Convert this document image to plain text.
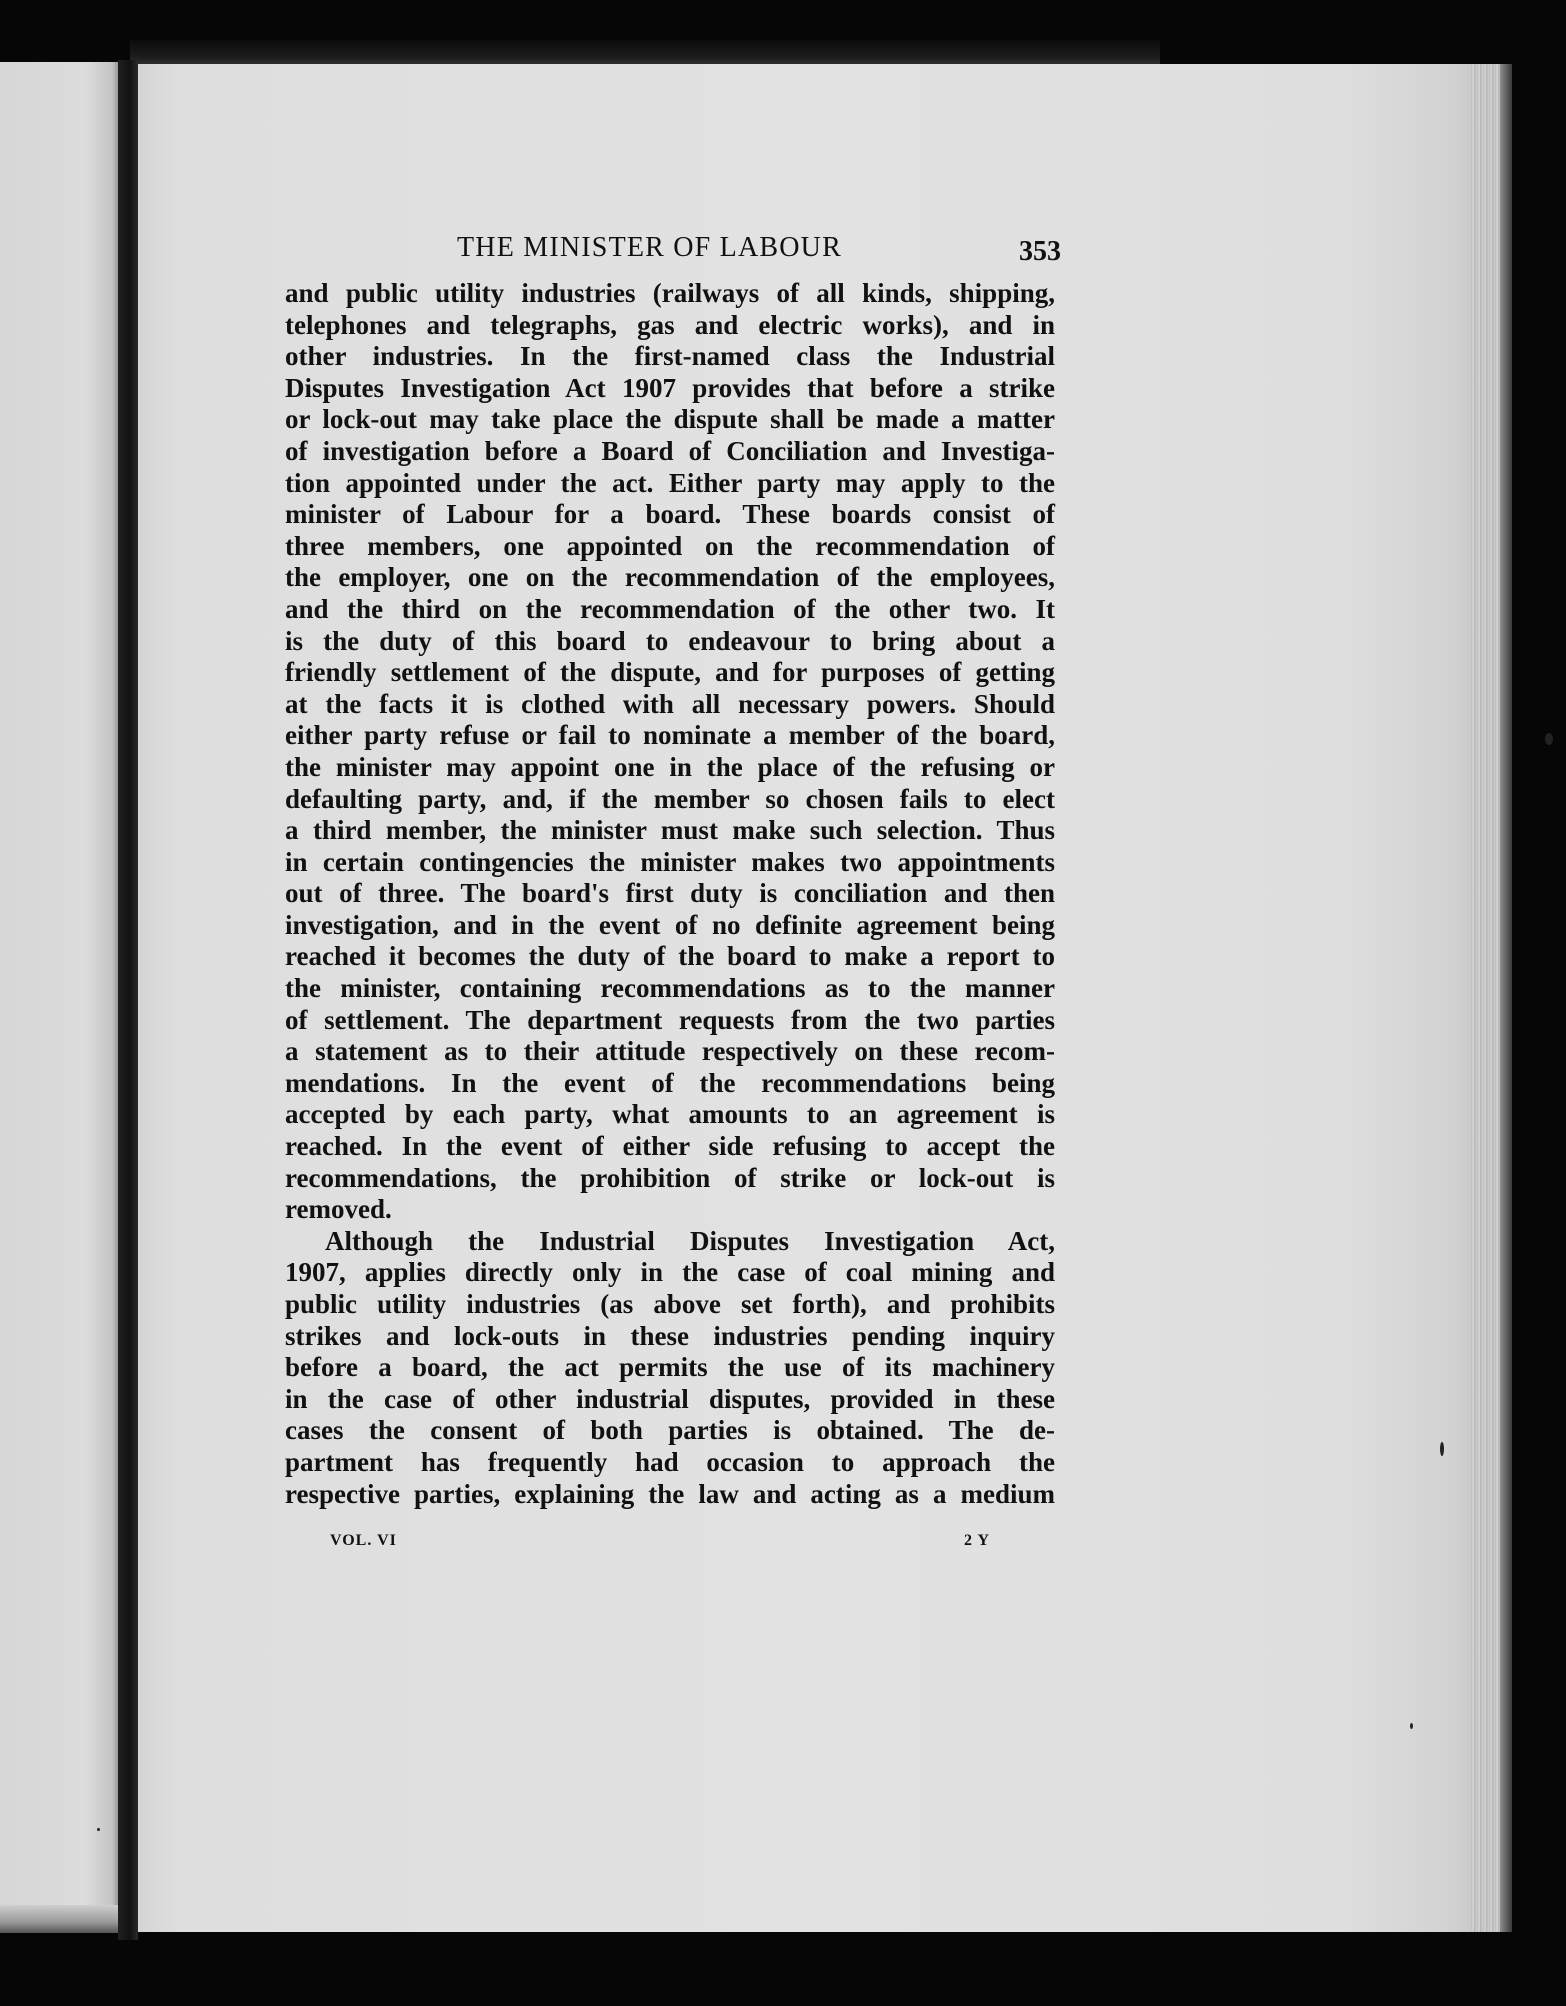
THE MINISTER OF LABOUR	353
and public utility industries (railways of all kinds, shipping,
telephones and telegraphs, gas and electric works), and in
other industries. In the first-named class the Industrial
Disputes Investigation Act 1907 provides that before a strike
or lock-out may take place the dispute shall be made a matter
of investigation before a Board of Conciliation and Investiga-
tion appointed under the act. Either party may apply to the
minister of Labour for a board. These boards consist of
three members, one appointed on the recommendation of
the employer, one on the recommendation of the employees,
and the third on the recommendation of the other two. It
is the duty of this board to endeavour to bring about a
friendly settlement of the dispute, and for purposes of getting
at the facts it is clothed with all necessary powers. Should
either party refuse or fail to nominate a member of the board,
the minister may appoint one in the place of the refusing or
defaulting party, and, if the member so chosen fails to elect
a third member, the minister must make such selection. Thus
in certain contingencies the minister makes two appointments
out of three. The board's first duty is conciliation and then
investigation, and in the event of no definite agreement being
reached it becomes the duty of the board to make a report to
the minister, containing recommendations as to the manner
of settlement. The department requests from the two parties
a statement as to their attitude respectively on these recom-
mendations. In the event of the recommendations being
accepted by each party, what amounts to an agreement is
reached. In the event of either side refusing to accept the
recommendations, the prohibition of strike or lock-out is
removed.
Although the Industrial Disputes Investigation Act,
1907, applies directly only in the case of coal mining and
public utility industries (as above set forth), and prohibits
strikes and lock-outs in these industries pending inquiry
before a board, the act permits the use of its machinery
in the case of other industrial disputes, provided in these
cases the consent of both parties is obtained. The de-
partment has frequently had occasion to approach the
respective parties, explaining the law and acting as a medium
VOL. VI	2 Y
